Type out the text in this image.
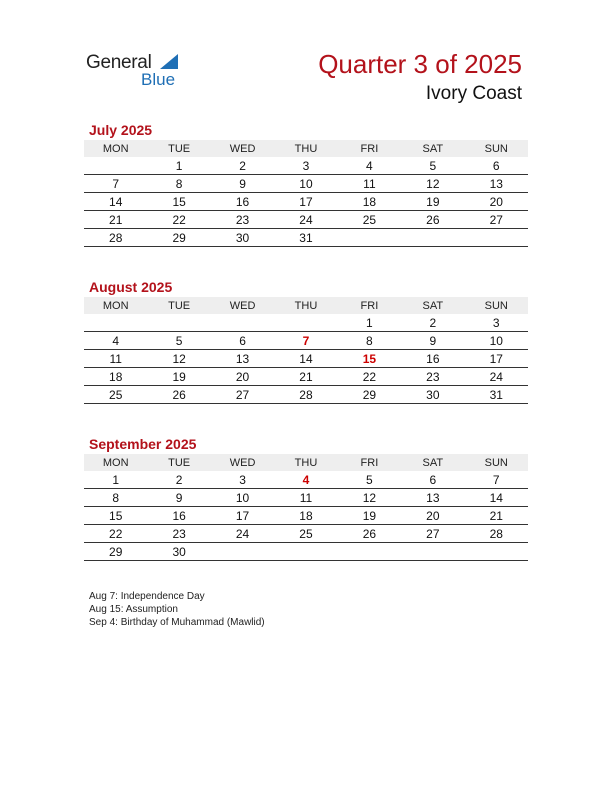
General
Blue
Quarter 3 of 2025
Ivory Coast
July 2025
MON	TUE	WED	THU	FRI	SAT	SUN
	1	2	3	4	5	6
7	8	9	10	11	12	13
14	15	16	17	18	19	20
21	22	23	24	25	26	27
28	29	30	31			
August 2025
MON	TUE	WED	THU	FRI	SAT	SUN
				1	2	3
4	5	6	7	8	9	10
11	12	13	14	15	16	17
18	19	20	21	22	23	24
25	26	27	28	29	30	31
September 2025
MON	TUE	WED	THU	FRI	SAT	SUN
1	2	3	4	5	6	7
8	9	10	11	12	13	14
15	16	17	18	19	20	21
22	23	24	25	26	27	28
29	30					
Aug 7: Independence Day
Aug 15: Assumption
Sep 4: Birthday of Muhammad (Mawlid)
